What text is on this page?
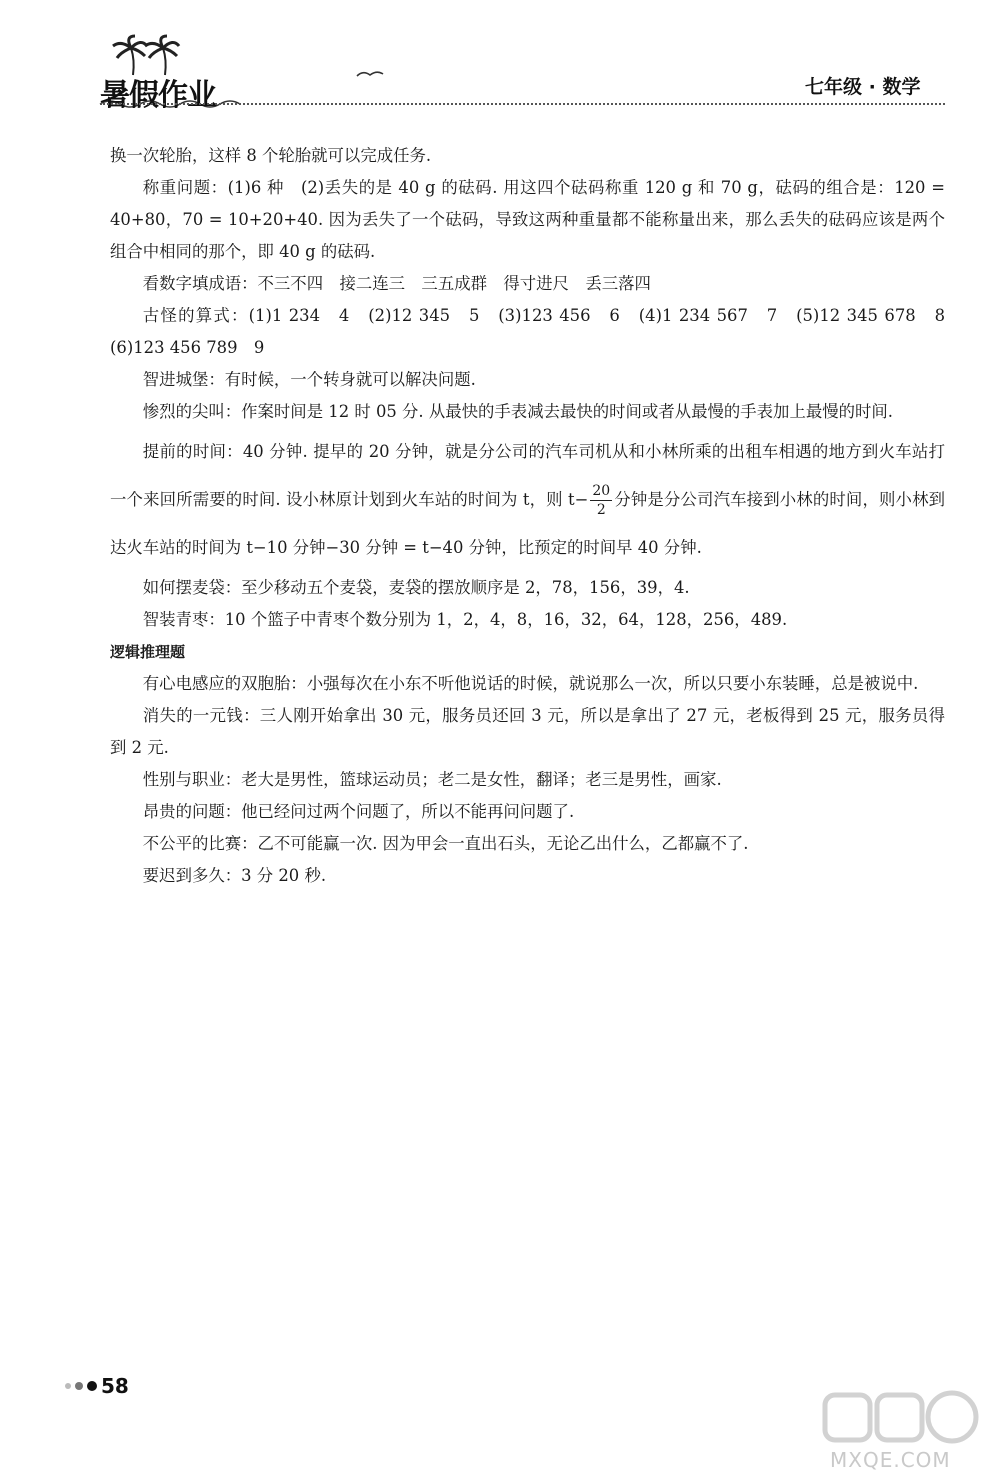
暑假作业	七年级 · 数学

换一次轮胎，这样 8 个轮胎就可以完成任务.

称重问题：(1)6 种　(2)丢失的是 40 g 的砝码. 用这四个砝码称重 120 g 和 70 g，砝码的组合是：120 = 40+80，70 = 10+20+40. 因为丢失了一个砝码，导致这两种重量都不能称量出来，那么丢失的砝码应该是两个组合中相同的那个，即 40 g 的砝码.

看数字填成语：不三不四　接二连三　三五成群　得寸进尺　丢三落四

古怪的算式：(1)1 234　4　(2)12 345　5　(3)123 456　6　(4)1 234 567　7　(5)12 345 678　8　(6)123 456 789　9

智进城堡：有时候，一个转身就可以解决问题.

惨烈的尖叫：作案时间是 12 时 05 分. 从最快的手表减去最快的时间或者从最慢的手表加上最慢的时间.

提前的时间：40 分钟. 提早的 20 分钟，就是分公司的汽车司机从和小林所乘的出租车相遇的地方到火车站打一个来回所需要的时间. 设小林原计划到火车站的时间为 t，则 $t- \frac{20}{2}$ 分钟是分公司汽车接到小林的时间，则小林到达火车站的时间为 t−10 分钟−30 分钟 = t−40 分钟，比预定的时间早 40 分钟.

如何摆麦袋：至少移动五个麦袋，麦袋的摆放顺序是 2，78，156，39，4.

智装青枣：10 个篮子中青枣个数分别为 1，2，4，8，16，32，64，128，256，489.

逻辑推理题

有心电感应的双胞胎：小强每次在小东不听他说话的时候，就说那么一次，所以只要小东装睡，总是被说中.

消失的一元钱：三人刚开始拿出 30 元，服务员还回 3 元，所以是拿出了 27 元，老板得到 25 元，服务员得到 2 元.

性别与职业：老大是男性，篮球运动员；老二是女性，翻译；老三是男性，画家.

昂贵的问题：他已经问过两个问题了，所以不能再问问题了.

不公平的比赛：乙不可能赢一次. 因为甲会一直出石头，无论乙出什么，乙都赢不了.

要迟到多久：3 分 20 秒.

58
MXQE.COM
